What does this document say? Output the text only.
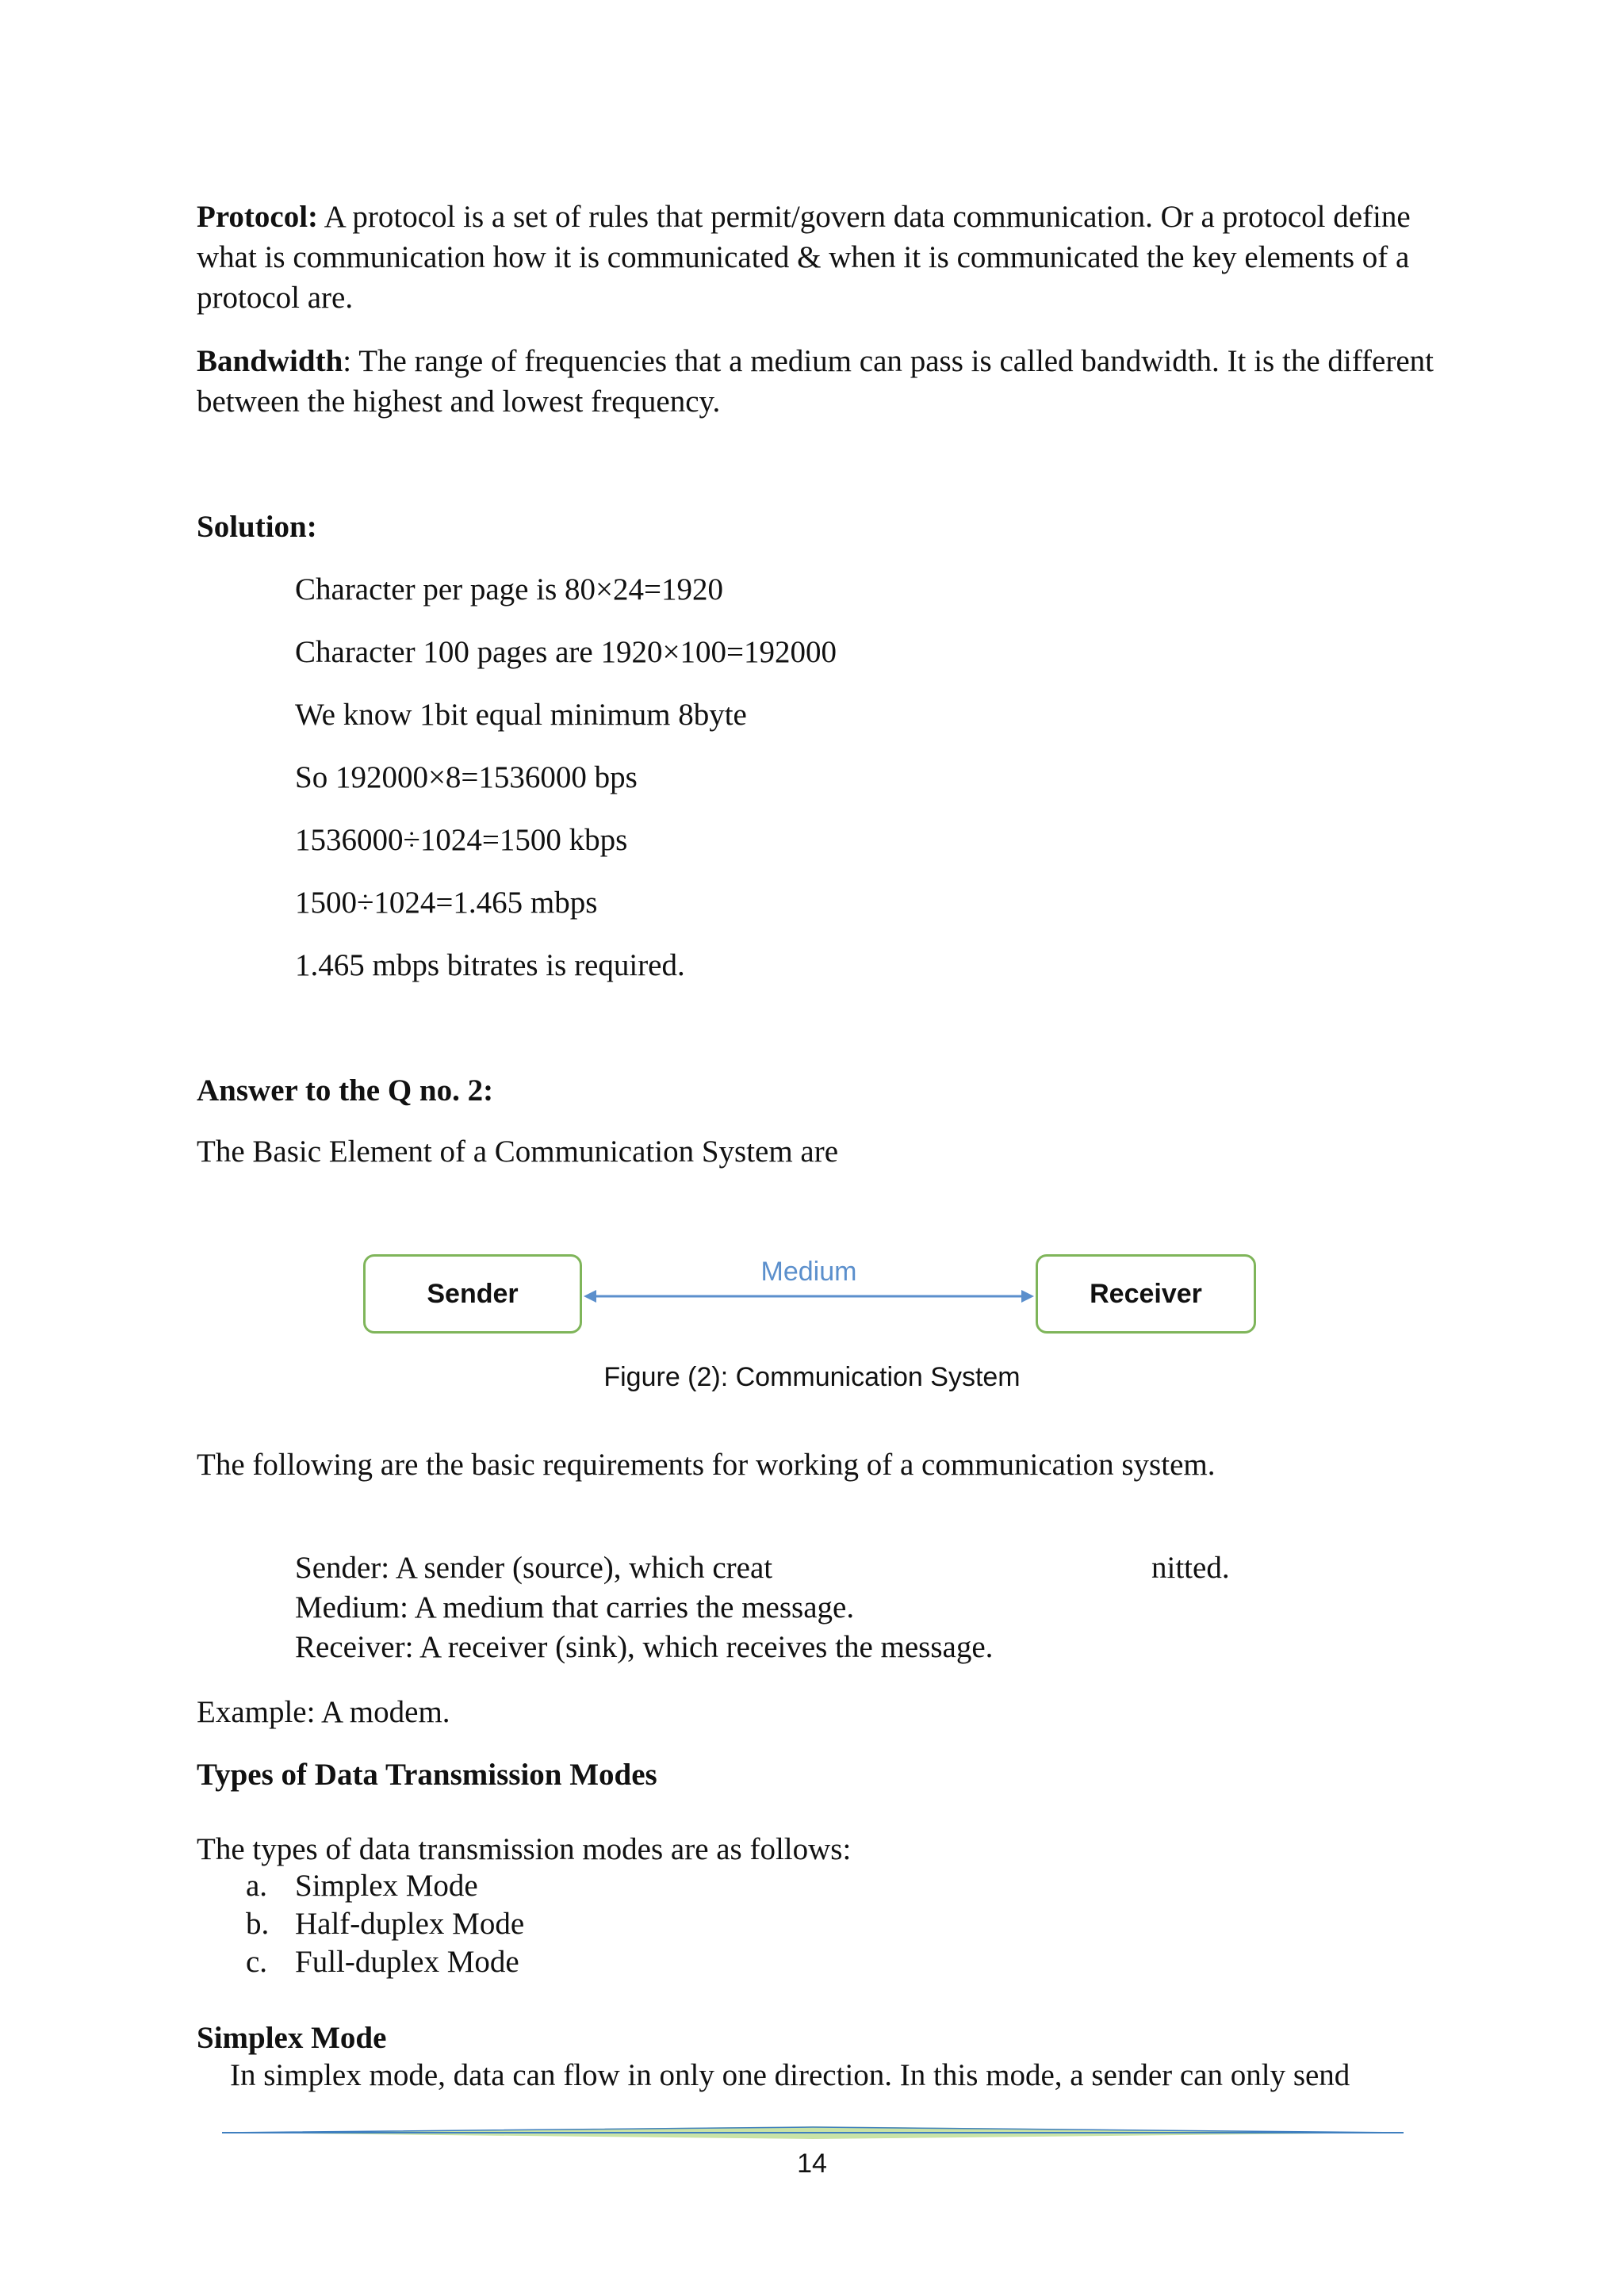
Protocol: A protocol is a set of rules that permit/govern data communication. Or a protocol define what is communication how it is communicated & when it is communicated the key elements of a protocol are.

Bandwidth: The range of frequencies that a medium can pass is called bandwidth. It is the different between the highest and lowest frequency.

Solution:

Character per page is 80×24=1920

Character 100 pages are 1920×100=192000

We know 1bit equal minimum 8byte

So 192000×8=1536000 bps

1536000÷1024=1500 kbps

1500÷1024=1.465 mbps

1.465 mbps bitrates is required.

Answer to the Q no. 2:

The Basic Element of a Communication System are

Sender	Receiver
Medium
Figure (2): Communication System

The following are the basic requirements for working of a communication system.

Sender: A sender (source), which creat	nitted.

Medium: A medium that carries the message.

Receiver: A receiver (sink), which receives the message.

Example: A modem.

Types of Data Transmission Modes

The types of data transmission modes are as follows:

a. Simplex Mode
b. Half-duplex Mode
c. Full-duplex Mode
Simplex Mode

In simplex mode, data can flow in only one direction. In this mode, a sender can only send

14
